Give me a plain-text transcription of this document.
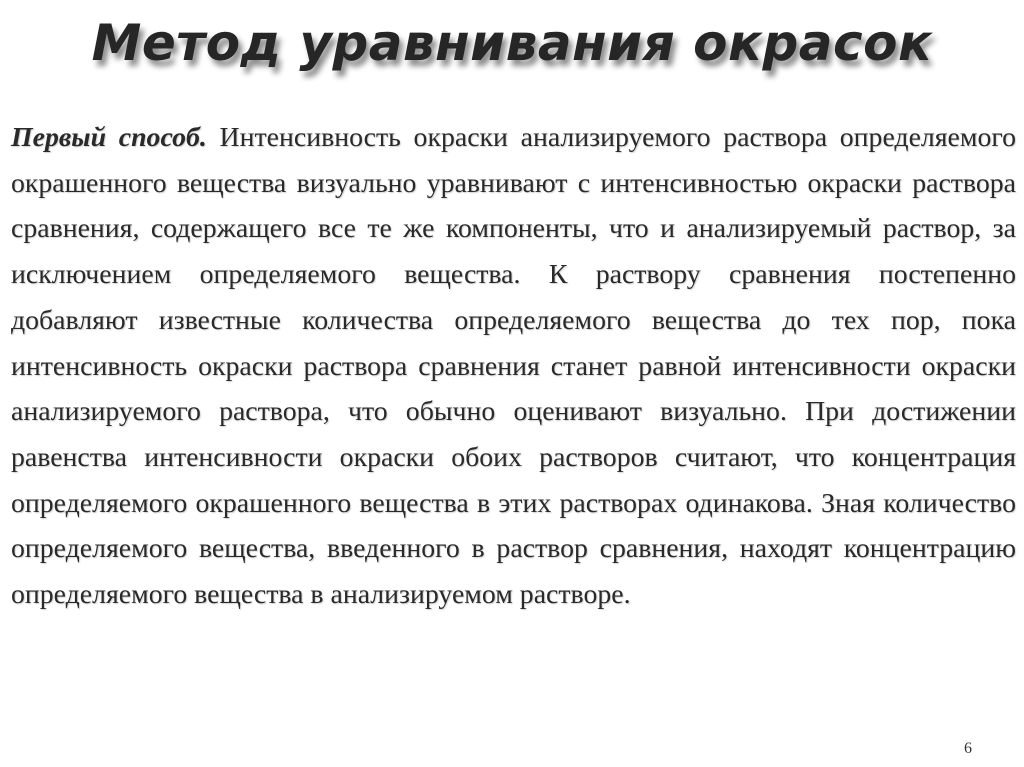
Метод уравнивания окрасок
Первый способ. Интенсивность окраски анализируемого раствора определяемого окрашенного вещества визуально уравнивают с интенсивностью окраски раствора сравнения, содержащего все те же компоненты, что и анализируемый раствор, за исключением определяемого вещества. К раствору сравнения постепенно добавляют известные количества определяемого вещества до тех пор, пока интенсивность окраски раствора сравнения станет равной интенсивности окраски анализируемого раствора, что обычно оценивают визуально. При достижении равенства интенсивности окраски обоих растворов считают, что концентрация определяемого окрашенного вещества в этих растворах одинакова. Зная количество определяемого вещества, введенного в раствор сравнения, находят концентрацию определяемого вещества в анализируемом растворе.
6
